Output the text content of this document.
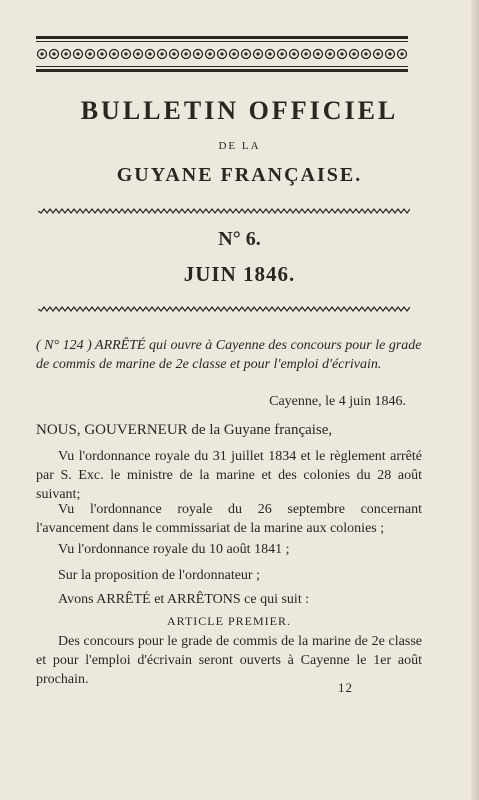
BULLETIN OFFICIEL
DE LA
GUYANE FRANÇAISE.
N° 6.
JUIN 1846.
( N° 124 ) ARRÊTÉ qui ouvre à Cayenne des concours pour le grade de commis de marine de 2e classe et pour l'emploi d'écrivain.
Cayenne, le 4 juin 1846.
NOUS, GOUVERNEUR de la Guyane française,
Vu l'ordonnance royale du 31 juillet 1834 et le règlement arrêté par S. Exc. le ministre de la marine et des colonies du 28 août suivant;
Vu l'ordonnance royale du 26 septembre concernant l'avancement dans le commissariat de la marine aux colonies ;
Vu l'ordonnance royale du 10 août 1841 ;
Sur la proposition de l'ordonnateur ;
Avons ARRÊTÉ et ARRÊTONS ce qui suit :
ARTICLE PREMIER.
Des concours pour le grade de commis de la marine de 2e classe et pour l'emploi d'écrivain seront ouverts à Cayenne le 1er août prochain.
12
